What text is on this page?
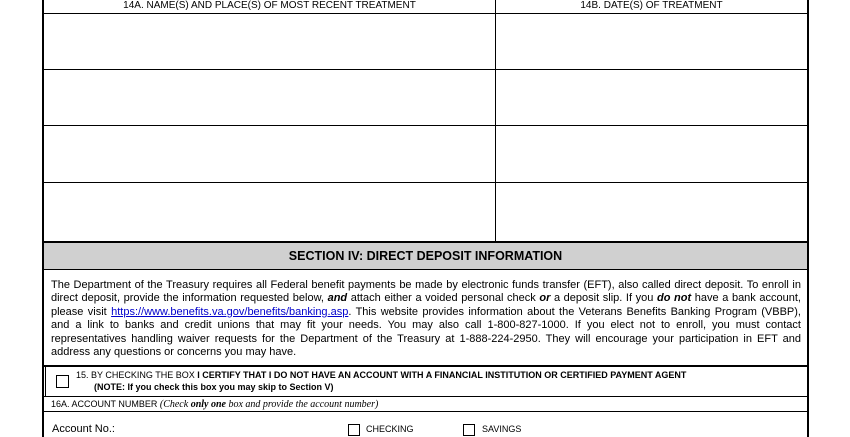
14A. NAME(S) AND PLACE(S) OF MOST RECENT TREATMENT	14B. DATE(S) OF TREATMENT
SECTION IV: DIRECT DEPOSIT INFORMATION
The Department of the Treasury requires all Federal benefit payments be made by electronic funds transfer (EFT), also called direct deposit. To enroll in direct deposit, provide the information requested below, and attach either a voided personal check or a deposit slip. If you do not have a bank account, please visit https://www.benefits.va.gov/benefits/banking.asp. This website provides information about the Veterans Benefits Banking Program (VBBP), and a link to banks and credit unions that may fit your needs. You may also call 1-800-827-1000. If you elect not to enroll, you must contact representatives handling waiver requests for the Department of the Treasury at 1-888-224-2950. They will encourage your participation in EFT and address any questions or concerns you may have.
15. BY CHECKING THE BOX I CERTIFY THAT I DO NOT HAVE AN ACCOUNT WITH A FINANCIAL INSTITUTION OR CERTIFIED PAYMENT AGENT
(NOTE: If you check this box you may skip to Section V)
16A. ACCOUNT NUMBER (Check only one box and provide the account number)
Account No.:	CHECKING	SAVINGS
